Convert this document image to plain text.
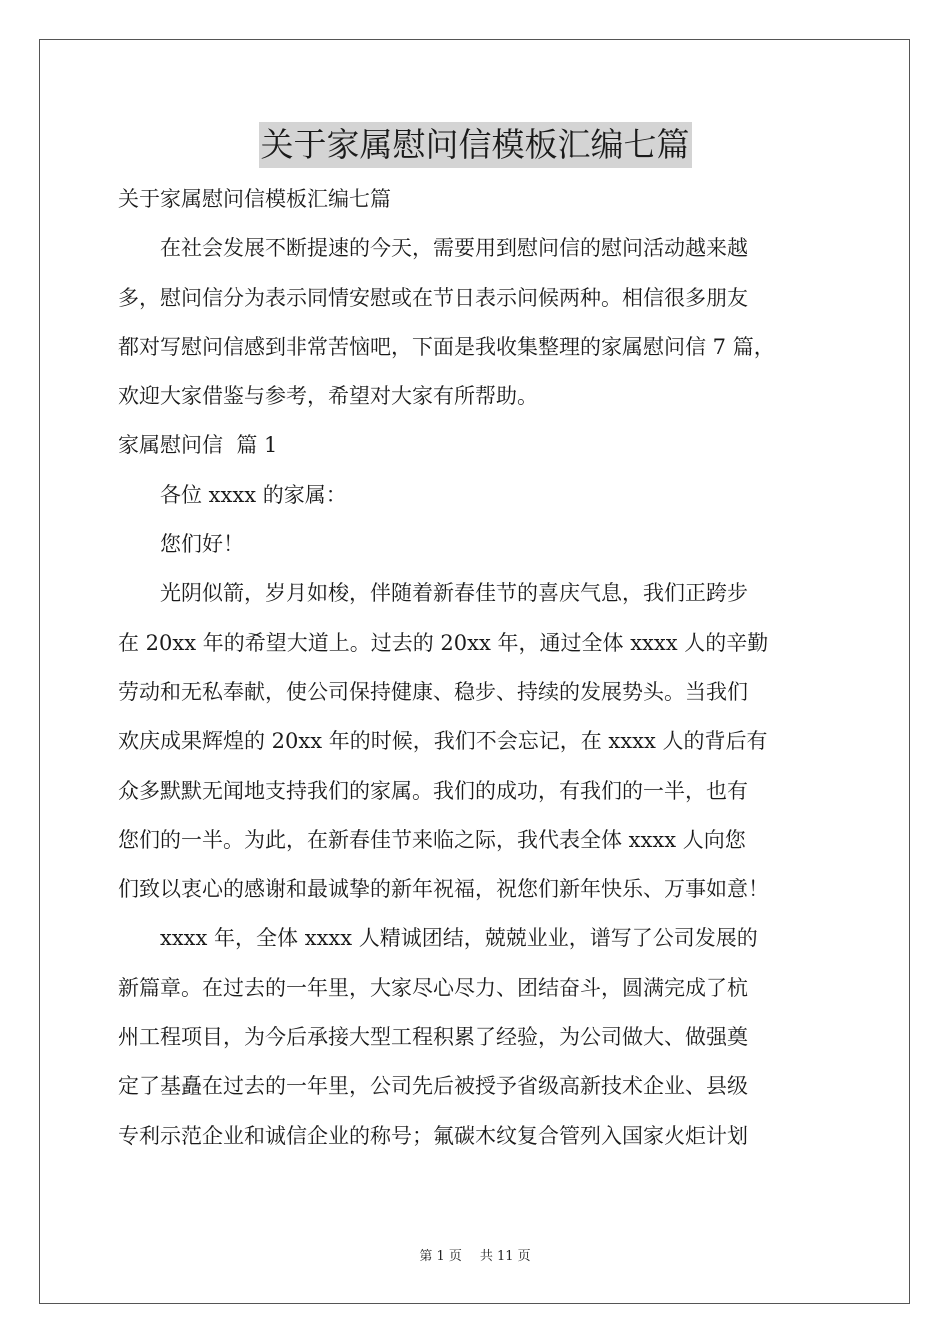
关于家属慰问信模板汇编七篇
关于家属慰问信模板汇编七篇
在社会发展不断提速的今天，需要用到慰问信的慰问活动越来越
多，慰问信分为表示同情安慰或在节日表示问候两种。相信很多朋友
都对写慰问信感到非常苦恼吧，下面是我收集整理的家属慰问信 7 篇，
欢迎大家借鉴与参考，希望对大家有所帮助。
家属慰问信  篇 1
各位 xxxx 的家属：
您们好！
光阴似箭，岁月如梭，伴随着新春佳节的喜庆气息，我们正跨步
在 20xx 年的希望大道上。过去的 20xx 年，通过全体 xxxx 人的辛勤
劳动和无私奉献，使公司保持健康、稳步、持续的发展势头。当我们
欢庆成果辉煌的 20xx 年的时候，我们不会忘记，在 xxxx 人的背后有
众多默默无闻地支持我们的家属。我们的成功，有我们的一半，也有
您们的一半。为此，在新春佳节来临之际，我代表全体 xxxx 人向您
们致以衷心的感谢和最诚挚的新年祝福，祝您们新年快乐、万事如意！
xxxx 年，全体 xxxx 人精诚团结，兢兢业业，谱写了公司发展的
新篇章。在过去的一年里，大家尽心尽力、团结奋斗，圆满完成了杭
州工程项目，为今后承接大型工程积累了经验，为公司做大、做强奠
定了基矗在过去的一年里，公司先后被授予省级高新技术企业、县级
专利示范企业和诚信企业的称号；氟碳木纹复合管列入国家火炬计划
第 1 页 共 11 页
